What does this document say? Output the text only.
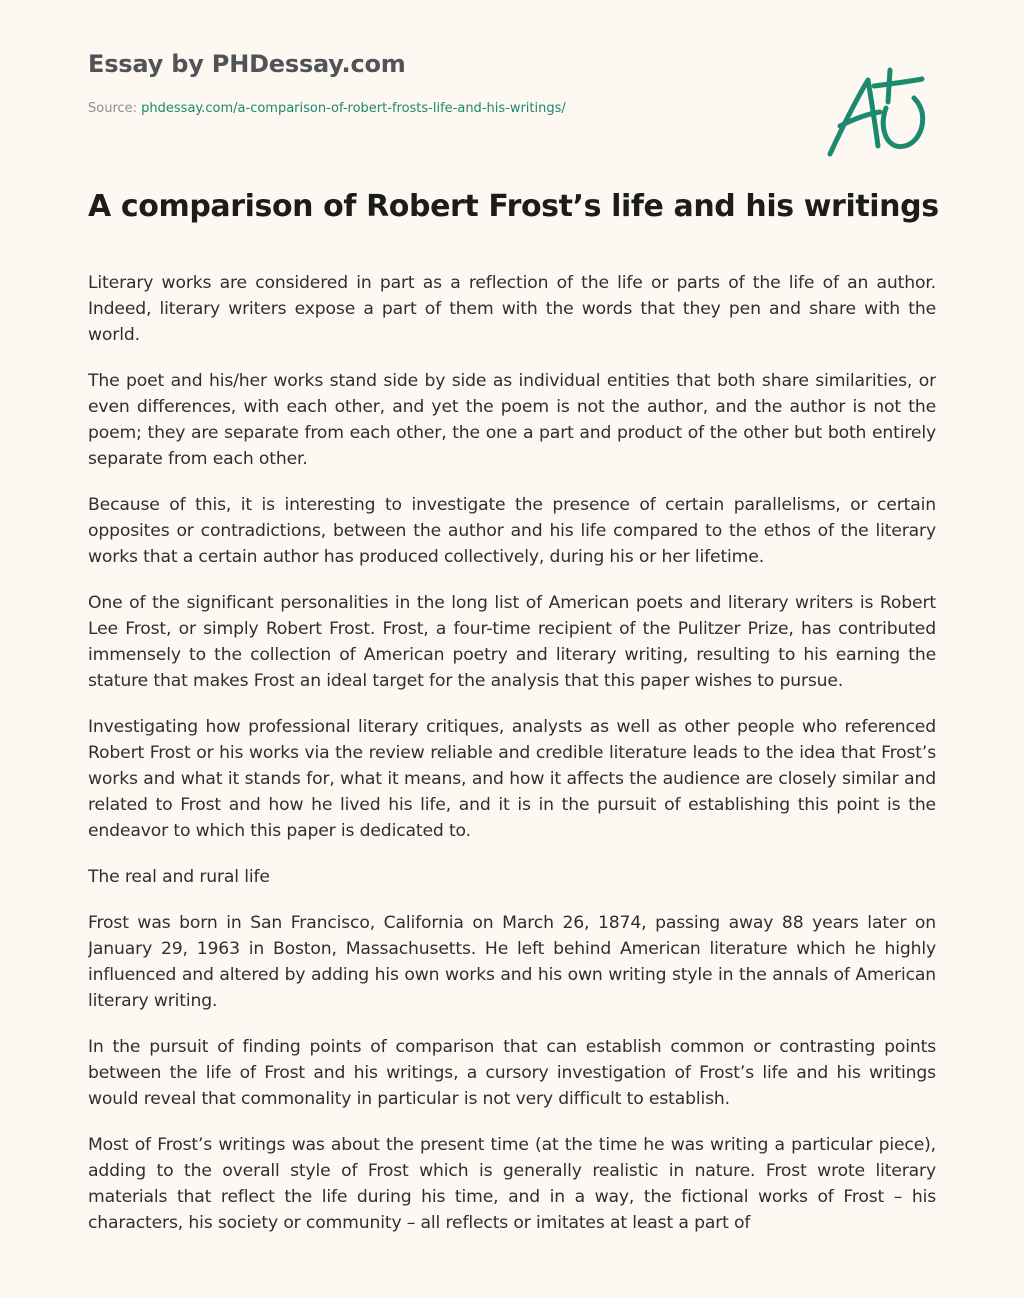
Essay by PHDessay.com
Source: phdessay.com/a-comparison-of-robert-frosts-life-and-his-writings/
A comparison of Robert Frost’s life and his writings

Literary works are considered in part as a reflection of the life or parts of the life of an author. Indeed, literary writers expose a part of them with the words that they pen and share with the world.

The poet and his/her works stand side by side as individual entities that both share similarities, or even differences, with each other, and yet the poem is not the author, and the author is not the poem; they are separate from each other, the one a part and product of the other but both entirely separate from each other.

Because of this, it is interesting to investigate the presence of certain parallelisms, or certain opposites or contradictions, between the author and his life compared to the ethos of the literary works that a certain author has produced collectively, during his or her lifetime.

One of the significant personalities in the long list of American poets and literary writers is Robert Lee Frost, or simply Robert Frost. Frost, a four-time recipient of the Pulitzer Prize, has contributed immensely to the collection of American poetry and literary writing, resulting to his earning the stature that makes Frost an ideal target for the analysis that this paper wishes to pursue.

Investigating how professional literary critiques, analysts as well as other people who referenced Robert Frost or his works via the review reliable and credible literature leads to the idea that Frost’s works and what it stands for, what it means, and how it affects the audience are closely similar and related to Frost and how he lived his life, and it is in the pursuit of establishing this point is the endeavor to which this paper is dedicated to.

The real and rural life

Frost was born in San Francisco, California on March 26, 1874, passing away 88 years later on January 29, 1963 in Boston, Massachusetts. He left behind American literature which he highly influenced and altered by adding his own works and his own writing style in the annals of American literary writing.

In the pursuit of finding points of comparison that can establish common or contrasting points between the life of Frost and his writings, a cursory investigation of Frost’s life and his writings would reveal that commonality in particular is not very difficult to establish.

Most of Frost’s writings was about the present time (at the time he was writing a particular piece), adding to the overall style of Frost which is generally realistic in nature. Frost wrote literary materials that reflect the life during his time, and in a way, the fictional works of Frost – his characters, his society or community – all reflects or imitates at least a part of
